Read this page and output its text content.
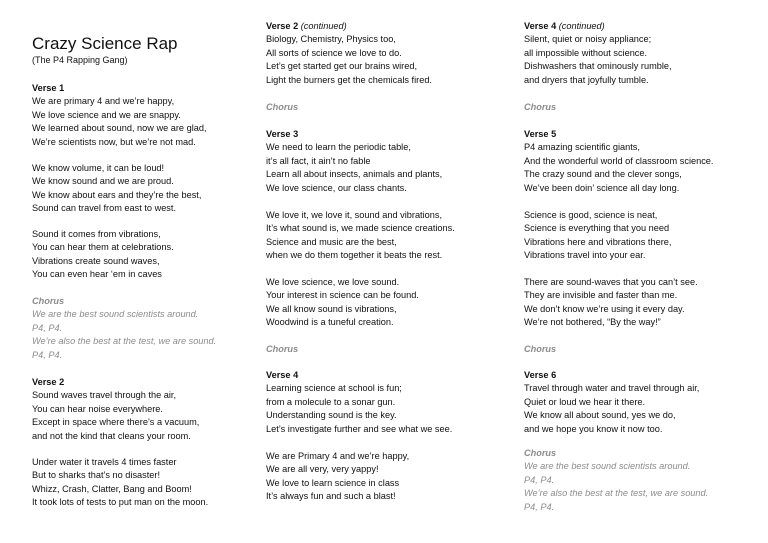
Crazy Science Rap
(The P4 Rapping Gang)
Verse 1
We are primary 4 and we’re happy,
We love science and we are snappy.
We learned about sound, now we are glad,
We’re scientists now, but we’re not mad.
We know volume, it can be loud!
We know sound and we are proud.
We know about ears and they’re the best,
Sound can travel from east to west.
Sound it comes from vibrations,
You can hear them at celebrations.
Vibrations create sound waves,
You can even hear ‘em in caves
Chorus
We are the best sound scientists around.
P4, P4.
We’re also the best at the test, we are sound.
P4, P4.
Verse 2
Sound waves travel through the air,
You can hear noise everywhere.
Except in space where there’s a vacuum,
and not the kind that cleans your room.
Under water it travels 4 times faster
But to sharks that’s no disaster!
Whizz, Crash, Clatter, Bang and Boom!
It took lots of tests to put man on the moon.
Verse 2 (continued)
Biology, Chemistry, Physics too,
All sorts of science we love to do.
Let’s get started get our brains wired,
Light the burners get the chemicals fired.
Chorus
Verse 3
We need to learn the periodic table,
it’s all fact, it ain’t no fable
Learn all about insects, animals and plants,
We love science, our class chants.
We love it, we love it, sound and vibrations,
It’s what sound is, we made science creations.
Science and music are the best,
when we do them together it beats the rest.
We love science, we love sound.
Your interest in science can be found.
We all know sound is vibrations,
Woodwind is a tuneful creation.
Chorus
Verse 4
Learning science at school is fun;
from a molecule to a sonar gun.
Understanding sound is the key.
Let’s investigate further and see what we see.
We are Primary 4 and we’re happy,
We are all very, very yappy!
We love to learn science in class
It’s always fun and such a blast!
Verse 4 (continued)
Silent, quiet or noisy appliance;
all impossible without science.
Dishwashers that ominously rumble,
and dryers that joyfully tumble.
Chorus
Verse 5
P4 amazing scientific giants,
And the wonderful world of classroom science.
The crazy sound and the clever songs,
We’ve been doin’ science all day long.
Science is good, science is neat,
Science is everything that you need
Vibrations here and vibrations there,
Vibrations travel into your ear.
There are sound-waves that you can’t see.
They are invisible and faster than me.
We don’t know we’re using it every day.
We’re not bothered, “By the way!”
Chorus
Verse 6
Travel through water and travel through air,
Quiet or loud we hear it there.
We know all about sound, yes we do,
and we hope you know it now too.
Chorus
We are the best sound scientists around.
P4, P4.
We’re also the best at the test, we are sound.
P4, P4.
